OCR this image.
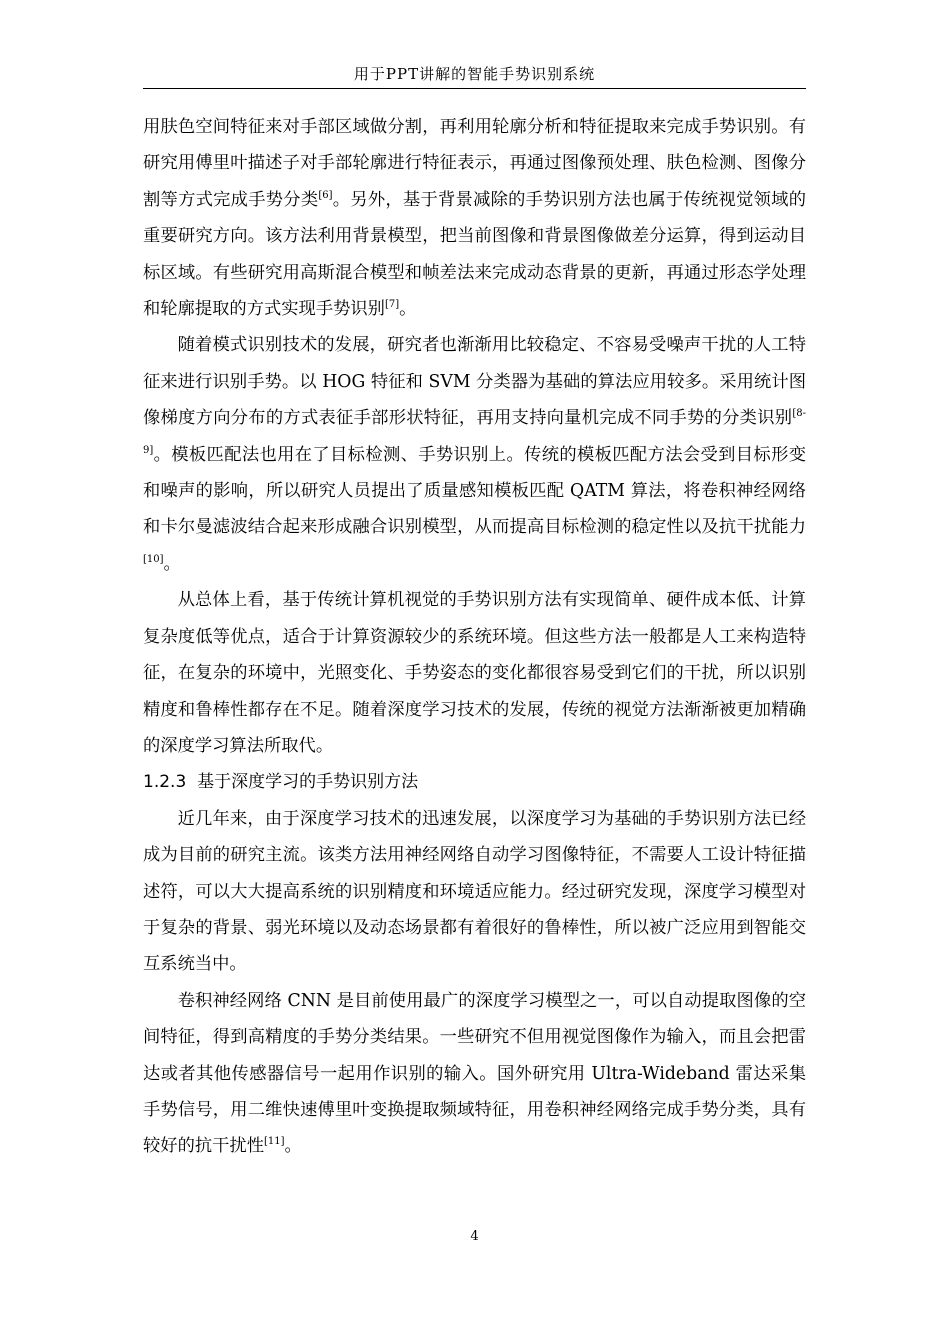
用于PPT讲解的智能手势识别系统

用肤色空间特征来对手部区域做分割，再利用轮廓分析和特征提取来完成手势识别。有研究用傅里叶描述子对手部轮廓进行特征表示，再通过图像预处理、肤色检测、图像分割等方式完成手势分类[6]。另外，基于背景减除的手势识别方法也属于传统视觉领域的重要研究方向。该方法利用背景模型，把当前图像和背景图像做差分运算，得到运动目标区域。有些研究用高斯混合模型和帧差法来完成动态背景的更新，再通过形态学处理和轮廓提取的方式实现手势识别[7]。

随着模式识别技术的发展，研究者也渐渐用比较稳定、不容易受噪声干扰的人工特征来进行识别手势。以 HOG 特征和 SVM 分类器为基础的算法应用较多。采用统计图像梯度方向分布的方式表征手部形状特征，再用支持向量机完成不同手势的分类识别[8-9]。模板匹配法也用在了目标检测、手势识别上。传统的模板匹配方法会受到目标形变和噪声的影响，所以研究人员提出了质量感知模板匹配 QATM 算法，将卷积神经网络和卡尔曼滤波结合起来形成融合识别模型，从而提高目标检测的稳定性以及抗干扰能力[10]。

从总体上看，基于传统计算机视觉的手势识别方法有实现简单、硬件成本低、计算复杂度低等优点，适合于计算资源较少的系统环境。但这些方法一般都是人工来构造特征，在复杂的环境中，光照变化、手势姿态的变化都很容易受到它们的干扰，所以识别精度和鲁棒性都存在不足。随着深度学习技术的发展，传统的视觉方法渐渐被更加精确的深度学习算法所取代。

1.2.3 基于深度学习的手势识别方法

近几年来，由于深度学习技术的迅速发展，以深度学习为基础的手势识别方法已经成为目前的研究主流。该类方法用神经网络自动学习图像特征，不需要人工设计特征描述符，可以大大提高系统的识别精度和环境适应能力。经过研究发现，深度学习模型对于复杂的背景、弱光环境以及动态场景都有着很好的鲁棒性，所以被广泛应用到智能交互系统当中。

卷积神经网络 CNN 是目前使用最广的深度学习模型之一，可以自动提取图像的空间特征，得到高精度的手势分类结果。一些研究不但用视觉图像作为输入，而且会把雷达或者其他传感器信号一起用作识别的输入。国外研究用 Ultra-Wideband 雷达采集手势信号，用二维快速傅里叶变换提取频域特征，用卷积神经网络完成手势分类，具有较好的抗干扰性[11]。

4
